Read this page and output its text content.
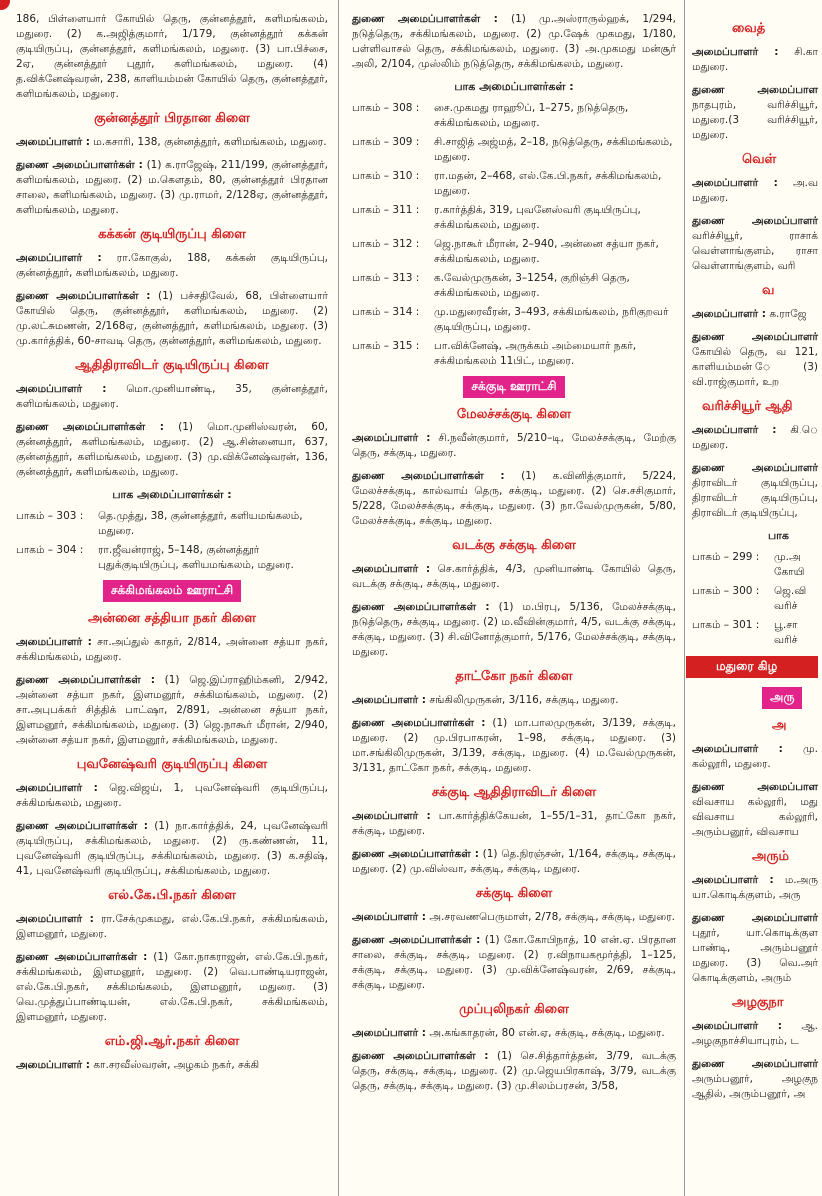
186, பிள்ளையார் கோயில் தெரு, குன்னத்தூர், களிமங்கலம், மதுரை. (2) க.அஜித்குமார், 1/179, குன்னத்தூர் கக்கன் குடியிருப்பு, குன்னத்தூர், களிமங்கலம், மதுரை. (3) பா.பிச்சை, 2ஏ, குன்னத்தூர் புதூர், களிமங்கலம், மதுரை. (4) த.விக்னேஷ்வரன், 238, காளியம்மன் கோயில் தெரு, குன்னத்தூர், களிமங்கலம், மதுரை.

குன்னத்தூர் பிரதான கிளை

அமைப்பாளர் : ம.கசாரி, 138, குன்னத்தூர், களிமங்கலம், மதுரை.

துணை அமைப்பாளர்கள் : (1) க.ராஜேஷ், 211/199, குன்னத்தூர், களிமங்கலம், மதுரை. (2) ம.கௌதம், 80, குன்னத்தூர் பிரதான சாலை, களிமங்கலம், மதுரை. (3) மு.ராமர், 2/128ஏ, குன்னத்தூர், களிமங்கலம், மதுரை.

கக்கன் குடியிருப்பு கிளை

அமைப்பாளர் : ரா.கோகுல், 188, கக்கன் குடியிருப்பு, குன்னத்தூர், களிமங்கலம், மதுரை.

துணை அமைப்பாளர்கள் : (1) பச்சதிவேல், 68, பிள்ளையார் கோயில் தெரு, குன்னத்தூர், களிமங்கலம், மதுரை. (2) மு.லட்சுமணன், 2/168ஏ, குன்னத்தூர், களிமங்கலம், மதுரை. (3) மு.கார்த்திக், 60-சாவடி தெரு, குன்னத்தூர், களிமங்கலம், மதுரை.

ஆதிதிராவிடர் குடியிருப்பு கிளை

அமைப்பாளர் : மொ.முனியாண்டி, 35, குன்னத்தூர், களிமங்கலம், மதுரை.

துணை அமைப்பாளர்கள் : (1) மொ.முனிஸ்வரன், 60, குன்னத்தூர், களிமங்கலம், மதுரை. (2) ஆ.சின்னையா, 637, குன்னத்தூர், களிமங்கலம், மதுரை. (3) மு.விக்னேஷ்வரன், 136, குன்னத்தூர், களிமங்கலம், மதுரை.

பாக அமைப்பாளர்கள் :
பாகம் – 303 :	தெ.முத்து, 38, குன்னத்தூர், களியமங்கலம், மதுரை.
பாகம் – 304 :	ரா.ஜீவன்ராஜ், 5–148, குன்னத்தூர் புதுக்குடியிருப்பு, களியமங்கலம், மதுரை.
சக்கிமங்கலம் ஊராட்சி
அன்னை சத்தியா நகர் கிளை

அமைப்பாளர் : சா.அப்துல் காதர், 2/814, அன்னை சத்யா நகர், சக்கிமங்கலம், மதுரை.

துணை அமைப்பாளர்கள் : (1) ஜெ.இப்ராஹிம்கனி, 2/942, அன்னை சத்யா நகர், இளமனூர், சக்கிமங்கலம், மதுரை. (2) சா.அபுபக்கர் சித்திக் பாட்ஷா, 2/891, அன்னை சத்யா நகர், இளமனூர், சக்கிமங்கலம், மதுரை. (3) ஜெ.நாகூர் மீரான், 2/940, அன்னை சத்யா நகர், இளமனூர், சக்கிமங்கலம், மதுரை.

புவனேஷ்வரி குடியிருப்பு கிளை

அமைப்பாளர் : ஜெ.விஜய், 1, புவனேஷ்வரி குடியிருப்பு, சக்கிமங்கலம், மதுரை.

துணை அமைப்பாளர்கள் : (1) நா.கார்த்திக், 24, புவனேஷ்வரி குடியிருப்பு, சக்கிமங்கலம், மதுரை. (2) ரு.கண்ணன், 11, புவனேஷ்வரி குடியிருப்பு, சக்கிமங்கலம், மதுரை. (3) க.சதிஷ், 41, புவனேஷ்வரி குடியிருப்பு, சக்கிமங்கலம், மதுரை.

எல்.கே.பி.நகர் கிளை

அமைப்பாளர் : ரா.சேக்முகமது, எல்.கே.பி.நகர், சக்கிமங்கலம், இளமனூர், மதுரை.

துணை அமைப்பாளர்கள் : (1) கோ.நாகராஜன், எல்.கே.பி.நகர், சக்கிமங்கலம், இளமனூர், மதுரை. (2) வெ.பாண்டியராஜன், எல்.கே.பி.நகர், சக்கிமங்கலம், இளமனூர், மதுரை. (3) வெ.முத்துப்பாண்டியன், எல்.கே.பி.நகர், சக்கிமங்கலம், இளமனூர், மதுரை.

எம்.ஜி.ஆர்.நகர் கிளை

அமைப்பாளர் : கா.சரவீஸ்வரன், அழகம் நகர், சக்கி

துணை அமைப்பாளர்கள் : (1) மு.அஸ்ராருல்ஹக், 1/294, நடுத்தெரு, சக்கிமங்கலம், மதுரை. (2) மு.ஷேக் முகமது, 1/180, பள்ளிவாசல் தெரு, சக்கிமங்கலம், மதுரை. (3) அ.முகமது மன்சூர் அலி, 2/104, முஸ்லிம் நடுத்தெரு, சக்கிமங்கலம், மதுரை.

பாக அமைப்பாளர்கள் :
பாகம் – 308 :	சை.முகமது ராஹூப், 1–275, நடுத்தெரு, சக்கிமங்கலம், மதுரை.
பாகம் – 309 :	சி.சாஜித் அஜ்மத், 2–18, நடுத்தெரு, சக்கிமங்கலம், மதுரை.
பாகம் – 310 :	ரா.மதன், 2–468, எல்.கே.பி.நகர், சக்கிமங்கலம், மதுரை.
பாகம் – 311 :	ர.கார்த்திக், 319, புவனேஸ்வரி குடியிருப்பு, சக்கிமங்கலம், மதுரை.
பாகம் – 312 :	ஜெ.நாகூர் மீரான், 2–940, அன்னை சத்யா நகர், சக்கிமங்கலம், மதுரை.
பாகம் – 313 :	க.வேல்முருகன், 3–1254, குறிஞ்சி தெரு, சக்கிமங்கலம், மதுரை.
பாகம் – 314 :	மு.மதுரைவீரன், 3–493, சக்கிமங்கலம், நரிகுறவர் குடியிருப்பு, மதுரை.
பாகம் – 315 :	பா.விக்னேஷ், அருக்கம் அம்மையார் நகர், சக்கிமங்கலம் 11பிட், மதுரை.
சக்குடி ஊராட்சி
மேலச்சக்குடி கிளை

அமைப்பாளர் : சி.நவீன்குமார், 5/210–டி, மேலச்சக்குடி, மேற்கு தெரு, சக்குடி, மதுரை.

துணை அமைப்பாளர்கள் : (1) க.வினித்குமார், 5/224, மேலச்சக்குடி, கால்வாய் தெரு, சக்குடி, மதுரை. (2) செ.சசிகுமார், 5/228, மேலச்சக்குடி, சக்குடி, மதுரை. (3) நா.வேல்முருகன், 5/80, மேலச்சக்குடி, சக்குடி, மதுரை.

வடக்கு சக்குடி கிளை

அமைப்பாளர் : செ.கார்த்திக், 4/3, முனியாண்டி கோயில் தெரு, வடக்கு சக்குடி, சக்குடி, மதுரை.

துணை அமைப்பாளர்கள் : (1) ம.பிரபு, 5/136, மேலச்சக்குடி, நடுத்தெரு, சக்குடி, மதுரை. (2) ம.வீவின்குமார், 4/5, வடக்கு சக்குடி, சக்குடி, மதுரை. (3) சி.வினோத்குமார், 5/176, மேலச்சக்குடி, சக்குடி, மதுரை.

தாட்கோ நகர் கிளை

அமைப்பாளர் : சங்கிலிமுருகன், 3/116, சக்குடி, மதுரை.

துணை அமைப்பாளர்கள் : (1) மா.பாலமுருகன், 3/139, சக்குடி, மதுரை. (2) மு.பிரபாகரன், 1–98, சக்குடி, மதுரை. (3) மா.சங்கிலிமுருகன், 3/139, சக்குடி, மதுரை. (4) ம.வேல்முருகன், 3/131, தாட்கோ நகர், சக்குடி, மதுரை.

சக்குடி ஆதிதிராவிடர் கிளை

அமைப்பாளர் : பா.கார்த்திக்கேயன், 1–55/1–31, தாட்கோ நகர், சக்குடி, மதுரை.

துணை அமைப்பாளர்கள் : (1) தெ.நிரஞ்சன், 1/164, சக்குடி, சக்குடி, மதுரை. (2) மு.விஸ்வா, சக்குடி, சக்குடி, மதுரை.

சக்குடி கிளை

அமைப்பாளர் : அ.சரவணபெருமாள், 2/78, சக்குடி, சக்குடி, மதுரை.

துணை அமைப்பாளர்கள் : (1) கோ.கோபிநாத், 10 என்.ஏ. பிரதான சாலை, சக்குடி, சக்குடி, மதுரை. (2) ர.விநாயகமூர்த்தி, 1–125, சக்குடி, சக்குடி, மதுரை. (3) மு.விக்னேஷ்வரன், 2/69, சக்குடி, சக்குடி, மதுரை.

முப்புலிநகர் கிளை

அமைப்பாளர் : அ.கங்காதரன், 80 என்.ஏ, சக்குடி, சக்குடி, மதுரை.

துணை அமைப்பாளர்கள் : (1) செ.சித்தார்த்தன், 3/79, வடக்கு தெரு, சக்குடி, சக்குடி, மதுரை. (2) மு.ஜெயபிரகாஷ், 3/79, வடக்கு தெரு, சக்குடி, சக்குடி, மதுரை. (3) மு.சிலம்பரசன், 3/58,

வைத்

அமைப்பாளர் : சி.கா மதுரை.

துணை அமைப்பாள நாதபுரம், வரிச்சியூர், மதுரை.(3 வரிச்சியூர், மதுரை.

வெள்

அமைப்பாளர் : அ.வ மதுரை.

துணை அமைப்பாளர் வரிச்சியூர், ராசாக் வெள்ளாங்குளம், ராசா வெள்ளாங்குளம், வரி

வ

அமைப்பாளர் : க.ராஜே

துணை அமைப்பாளர் கோயில் தெரு, வ 121, காளியம்மன் ே (3) வி.ராஜ்குமார், உற

வரிச்சியூர் ஆதி

அமைப்பாளர் : கி.ெ மதுரை.

துணை அமைப்பாளர் திராவிடர் குடியிருப்பு, திராவிடர் குடியிருப்பு, திராவிடர் குடியிருப்பு,

பாக
பாகம் – 299 :	மு.அ கோயி
பாகம் – 300 :	ஜெ.வி வரிச்
பாகம் – 301 :	பூ.சா வரிச்
மதுரை கிழ
அரு
அ

அமைப்பாளர் : மு. கல்லூரி, மதுரை.

துணை அமைப்பாள விவசாய கல்லூரி, மது விவசாய கல்லூரி, அரும்பனூர், விவசாய

அரும்

அமைப்பாளர் : ம.அரு யா.கொடிக்குளம், அரு

துணை அமைப்பாளர் புதூர், யா.கொடிக்குள பாண்டி, அரும்பனூர் மதுரை. (3) வெ.அர் கொடிக்குளம், அரும்

அழகுநா

அமைப்பாளர் : ஆ. அழகுநாச்சியாபுரம், ட

துணை அமைப்பாளர் அரும்பனூர், அழகுந ஆதில், அரும்பனூர், அ
